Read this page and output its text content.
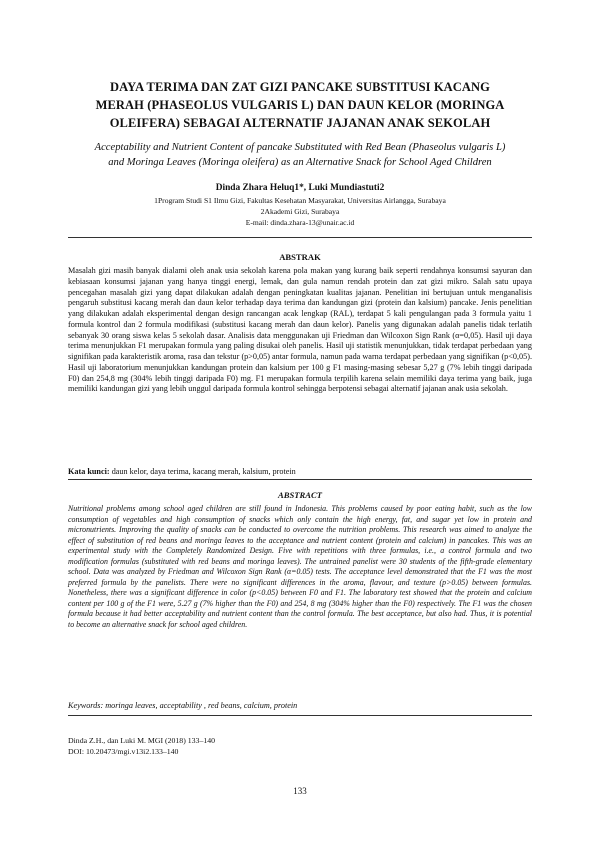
DAYA TERIMA DAN ZAT GIZI PANCAKE SUBSTITUSI KACANG
MERAH (PHASEOLUS VULGARIS L) DAN DAUN KELOR (MORINGA
OLEIFERA) SEBAGAI ALTERNATIF JAJANAN ANAK SEKOLAH
Acceptability and Nutrient Content of pancake Substituted with Red Bean (Phaseolus vulgaris L)
and Moringa Leaves (Moringa oleifera) as an Alternative Snack for School Aged Children
Dinda Zhara Heluq1*, Luki Mundiastuti2
1Program Studi S1 Ilmu Gizi, Fakultas Kesehatan Masyarakat, Universitas Airlangga, Surabaya
2Akademi Gizi, Surabaya
E-mail: dinda.zhara-13@unair.ac.id
ABSTRAK
Masalah gizi masih banyak dialami oleh anak usia sekolah karena pola makan yang kurang baik seperti rendahnya konsumsi sayuran dan kebiasaan konsumsi jajanan yang hanya tinggi energi, lemak, dan gula namun rendah protein dan zat gizi mikro. Salah satu upaya pencegahan masalah gizi yang dapat dilakukan adalah dengan peningkatan kualitas jajanan. Penelitian ini bertujuan untuk menganalisis pengaruh substitusi kacang merah dan daun kelor terhadap daya terima dan kandungan gizi (protein dan kalsium) pancake. Jenis penelitian yang dilakukan adalah eksperimental dengan design rancangan acak lengkap (RAL), terdapat 5 kali pengulangan pada 3 formula yaitu 1 formula kontrol dan 2 formula modifikasi (substitusi kacang merah dan daun kelor). Panelis yang digunakan adalah panelis tidak terlatih sebanyak 30 orang siswa kelas 5 sekolah dasar. Analisis data menggunakan uji Friedman dan Wilcoxon Sign Rank (α=0,05). Hasil uji daya terima menunjukkan F1 merupakan formula yang paling disukai oleh panelis. Hasil uji statistik menunjukkan, tidak terdapat perbedaan yang signifikan pada karakteristik aroma, rasa dan tekstur (p>0,05) antar formula, namun pada warna terdapat perbedaan yang signifikan (p<0,05). Hasil uji laboratorium menunjukkan kandungan protein dan kalsium per 100 g F1 masing-masing sebesar 5,27 g (7% lebih tinggi daripada F0) dan 254,8 mg (304% lebih tinggi daripada F0) mg. F1 merupakan formula terpilih karena selain memiliki daya terima yang baik, juga memiliki kandungan gizi yang lebih unggul daripada formula kontrol sehingga berpotensi sebagai alternatif jajanan anak usia sekolah.
Kata kunci: daun kelor, daya terima, kacang merah, kalsium, protein
ABSTRACT
Nutritional problems among school aged children are still found in Indonesia. This problems caused by poor eating habit, such as the low consumption of vegetables and high consumption of snacks which only contain the high energy, fat, and sugar yet low in protein and micronutrients. Improving the quality of snacks can be conducted to overcome the nutrition problems. This research was aimed to analyze the effect of substitution of red beans and moringa leaves to the acceptance and nutrient content (protein and calcium) in pancakes. This was an experimental study with the Completely Randomized Design. Five with repetitions with three formulas, i.e., a control formula and two modification formulas (substituted with red beans and moringa leaves). The untrained panelist were 30 students of the fifth-grade elementary school. Data was analyzed by Friedman and Wilcoxon Sign Rank (α=0.05) tests. The acceptance level demonstrated that the F1 was the most preferred formula by the panelists. There were no significant differences in the aroma, flavour, and texture (p>0.05) between formulas. Nonetheless, there was a significant difference in color (p<0.05) between F0 and F1. The laboratory test showed that the protein and calcium content per 100 g of the F1 were, 5.27 g (7% higher than the F0) and 254, 8 mg (304% higher than the F0) respectively. The F1 was the chosen formula because it had better acceptability and nutrient content than the control formula. The best acceptance, but also had. Thus, it is potential to become an alternative snack for school aged children.
Keywords: moringa leaves, acceptability , red beans, calcium, protein
Dinda Z.H., dan Luki M. MGI (2018) 133–140
DOI: 10.20473/mgi.v13i2.133–140
133
